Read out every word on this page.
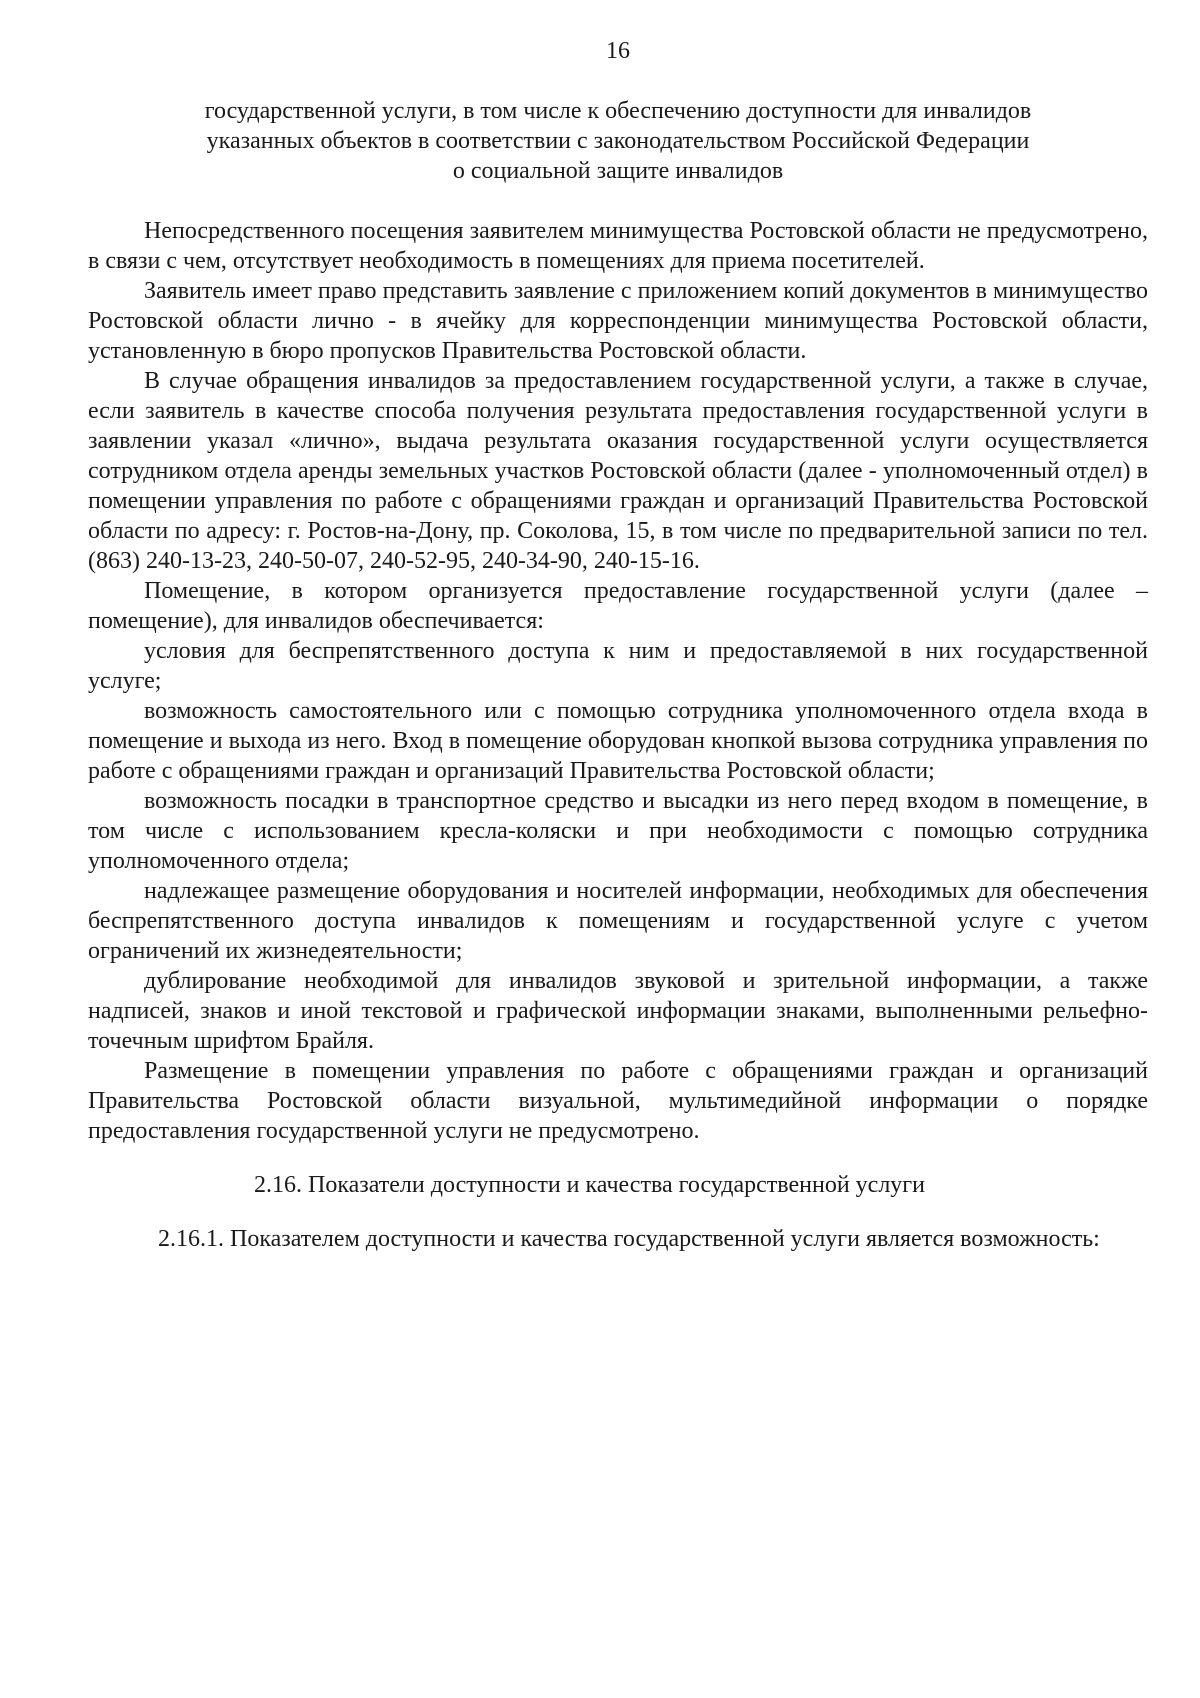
16
государственной услуги, в том числе к обеспечению доступности для инвалидов
указанных объектов в соответствии с законодательством Российской Федерации
о социальной защите инвалидов

Непосредственного посещения заявителем минимущества Ростовской области не предусмотрено, в связи с чем, отсутствует необходимость в помещениях для приема посетителей.

Заявитель имеет право представить заявление с приложением копий документов в минимущество Ростовской области лично - в ячейку для корреспонденции минимущества Ростовской области, установленную в бюро пропусков Правительства Ростовской области.

В случае обращения инвалидов за предоставлением государственной услуги, а также в случае, если заявитель в качестве способа получения результата предоставления государственной услуги в заявлении указал «лично», выдача результата оказания государственной услуги осуществляется сотрудником отдела аренды земельных участков Ростовской области (далее - уполномоченный отдел) в помещении управления по работе с обращениями граждан и организаций Правительства Ростовской области по адресу: г. Ростов-на-Дону, пр. Соколова, 15, в том числе по предварительной записи по тел. (863) 240-13-23, 240-50-07, 240-52-95, 240-34-90, 240-15-16.

Помещение, в котором организуется предоставление государственной услуги (далее – помещение), для инвалидов обеспечивается:

условия для беспрепятственного доступа к ним и предоставляемой в них государственной услуге;

возможность самостоятельного или с помощью сотрудника уполномоченного отдела входа в помещение и выхода из него. Вход в помещение оборудован кнопкой вызова сотрудника управления по работе с обращениями граждан и организаций Правительства Ростовской области;

возможность посадки в транспортное средство и высадки из него перед входом в помещение, в том числе с использованием кресла-коляски и при необходимости с помощью сотрудника уполномоченного отдела;

надлежащее размещение оборудования и носителей информации, необходимых для обеспечения беспрепятственного доступа инвалидов к помещениям и государственной услуге с учетом ограничений их жизнедеятельности;

дублирование необходимой для инвалидов звуковой и зрительной информации, а также надписей, знаков и иной текстовой и графической информации знаками, выполненными рельефно-точечным шрифтом Брайля.

Размещение в помещении управления по работе с обращениями граждан и организаций Правительства Ростовской области визуальной, мультимедийной информации о порядке предоставления государственной услуги не предусмотрено.

2.16. Показатели доступности и качества государственной услуги

2.16.1. Показателем доступности и качества государственной услуги является возможность:
